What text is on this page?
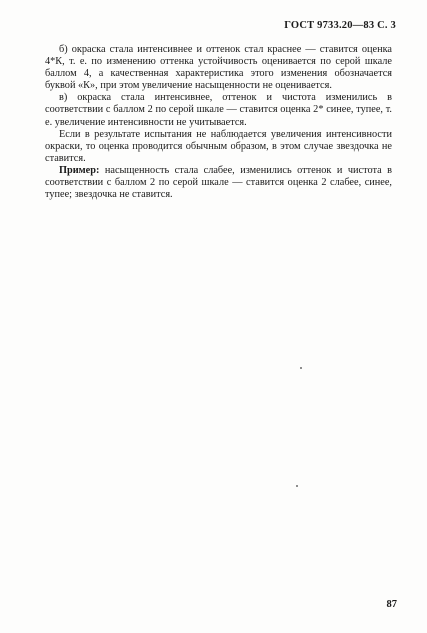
ГОСТ 9733.20—83 С. 3

б) окраска стала интенсивнее и оттенок стал краснее — ставится оценка 4*К, т. е. по изменению оттенка устойчивость оценивается по серой шкале баллом 4, а качественная характеристика этого изменения обозначается буквой «К», при этом увеличение насыщенности не оценивается.

в) окраска стала интенсивнее, оттенок и чистота изменились в соответствии с баллом 2 по серой шкале — ставится оценка 2* синее, тупее, т. е. увеличение интенсивности не учитывается.

Если в результате испытания не наблюдается увеличения интенсивности окраски, то оценка проводится обычным образом, в этом случае звездочка не ставится.

Пример: насыщенность стала слабее, изменились оттенок и чистота в соответствии с баллом 2 по серой шкале — ставится оценка 2 слабее, синее, тупее; звездочка не ставится.

87
